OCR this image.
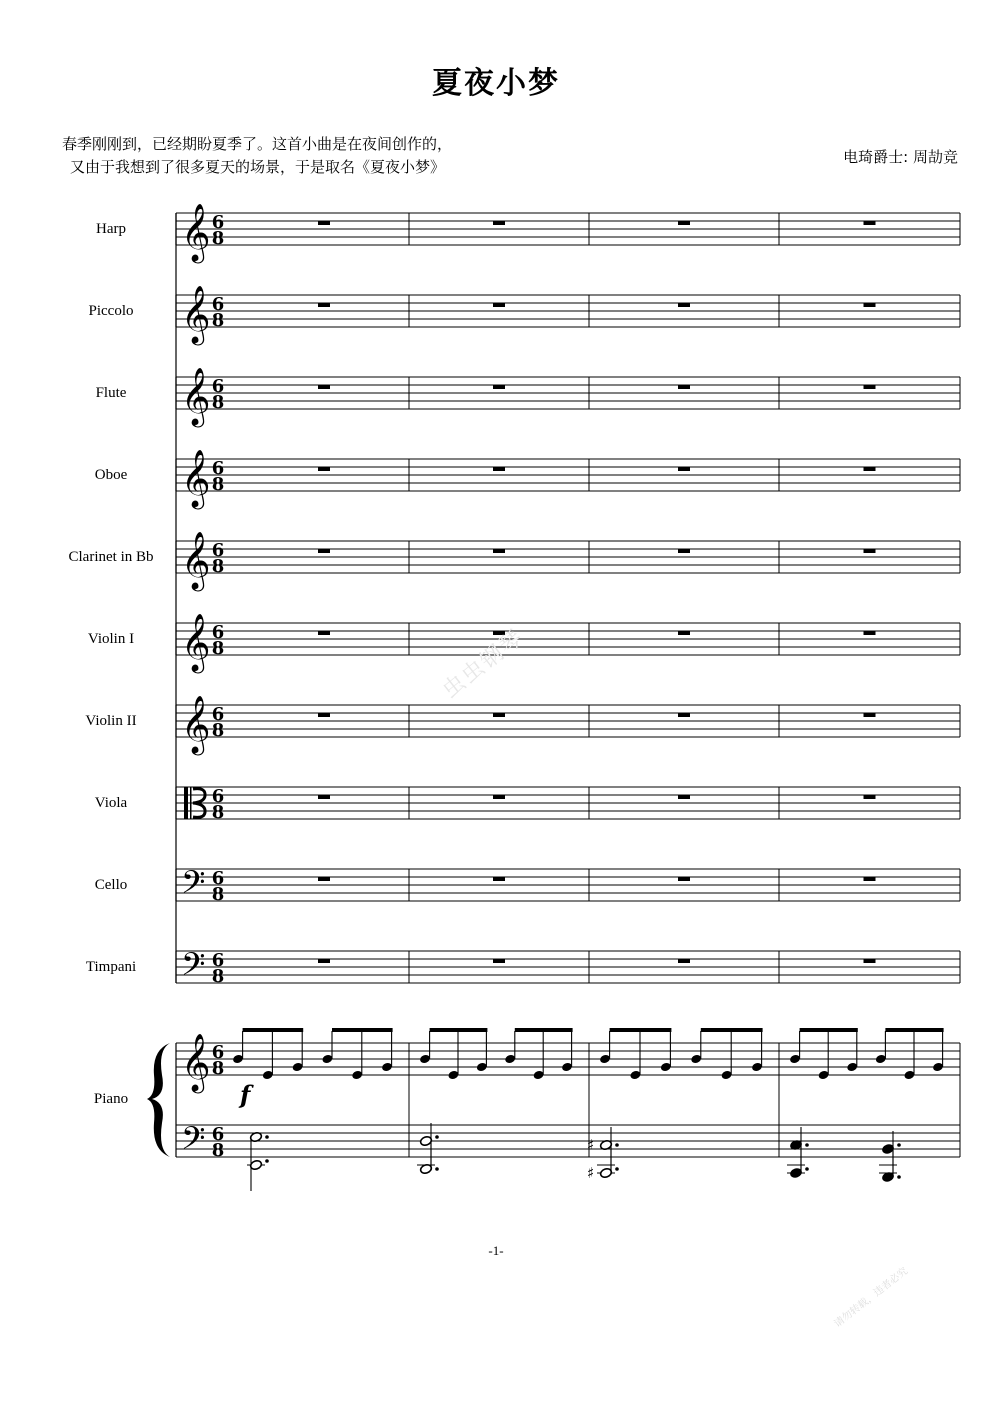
夏夜小梦
春季刚刚到，已经期盼夏季了。这首小曲是在夜间创作的，
又由于我想到了很多夏天的场景，于是取名《夏夜小梦》
电琦爵士: 周劼竞
Harp
Piccolo
Flute
Oboe
Clarinet in Bb
Violin I
Violin II
Viola
Cello
Timpani
Piano
𝄞 6
8
𝄞 6
8
𝄞 6
8
𝄞 6
8
𝄞 6
8
𝄞 6
8
𝄞 6
8
6
8
𝄢 6
8
𝄢 6
8
𝄞
𝄢
6
8
6
8
f
♯
♯
-1-
虫虫钢琴
请勿转载，违者必究
